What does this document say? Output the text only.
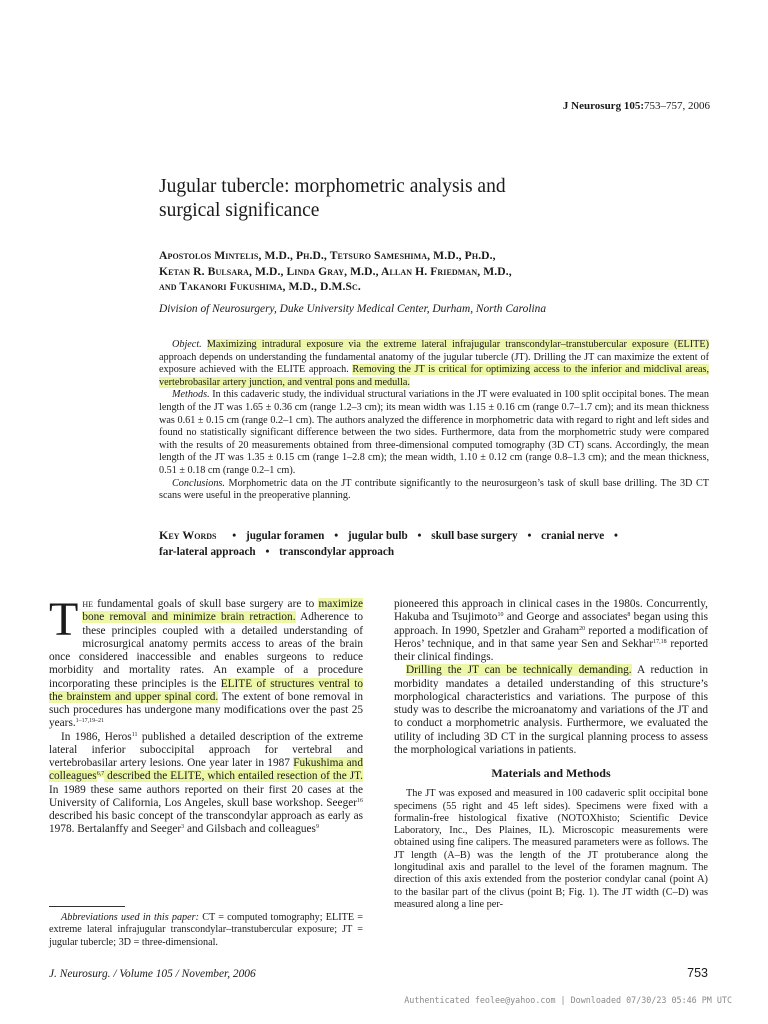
J Neurosurg 105:753–757, 2006
Jugular tubercle: morphometric analysis and
surgical significance
Apostolos Mintelis, M.D., Ph.D., Tetsuro Sameshima, M.D., Ph.D.,
Ketan R. Bulsara, M.D., Linda Gray, M.D., Allan H. Friedman, M.D.,
and Takanori Fukushima, M.D., D.M.Sc.
Division of Neurosurgery, Duke University Medical Center, Durham, North Carolina

Object. Maximizing intradural exposure via the extreme lateral infrajugular transcondylar–transtubercular exposure (ELITE) approach depends on understanding the fundamental anatomy of the jugular tubercle (JT). Drilling the JT can maximize the extent of exposure achieved with the ELITE approach. Removing the JT is critical for optimizing access to the inferior and midclival areas, vertebrobasilar artery junction, and ventral pons and medulla.

Methods. In this cadaveric study, the individual structural variations in the JT were evaluated in 100 split occipital bones. The mean length of the JT was 1.65 ± 0.36 cm (range 1.2–3 cm); its mean width was 1.15 ± 0.16 cm (range 0.7–1.7 cm); and its mean thickness was 0.61 ± 0.15 cm (range 0.2–1 cm). The authors analyzed the difference in morphometric data with regard to right and left sides and found no statistically significant difference between the two sides. Furthermore, data from the morphometric study were compared with the results of 20 measurements obtained from three-dimensional computed tomography (3D CT) scans. Accordingly, the mean length of the JT was 1.35 ± 0.15 cm (range 1–2.8 cm); the mean width, 1.10 ± 0.12 cm (range 0.8–1.3 cm); and the mean thickness, 0.51 ± 0.18 cm (range 0.2–1 cm).

Conclusions. Morphometric data on the JT contribute significantly to the neurosurgeon’s task of skull base drilling. The 3D CT scans were useful in the preoperative planning.

Key Words • jugular foramen • jugular bulb • skull base surgery • cranial nerve •
far-lateral approach • transcondylar approach

The fundamental goals of skull base surgery are to maximize bone removal and minimize brain retraction. Adherence to these principles coupled with a detailed understanding of microsurgical anatomy permits access to areas of the brain once considered inaccessible and enables surgeons to reduce morbidity and mortality rates. An example of a procedure incorporating these principles is the ELITE of structures ventral to the brainstem and upper spinal cord. The extent of bone removal in such procedures has undergone many modifications over the past 25 years.$^{1-17,19-21}$

In 1986, Heros$^{11}$ published a detailed description of the extreme lateral inferior suboccipital approach for vertebral and vertebrobasilar artery lesions. One year later in 1987 Fukushima and colleagues$^{6,7}$ described the ELITE, which entailed resection of the JT. In 1989 these same authors reported on their first 20 cases at the University of California, Los Angeles, skull base workshop. Seeger$^{16}$ described his basic concept of the transcondylar approach as early as 1978. Bertalanffy and Seeger$^3$ and Gilsbach and colleagues$^9$

pioneered this approach in clinical cases in the 1980s. Concurrently, Hakuba and Tsujimoto$^{10}$ and George and associates$^8$ began using this approach. In 1990, Spetzler and Graham$^{20}$ reported a modification of Heros’ technique, and in that same year Sen and Sekhar$^{17,18}$ reported their clinical findings.

Drilling the JT can be technically demanding. A reduction in morbidity mandates a detailed understanding of this structure’s morphological characteristics and variations. The purpose of this study was to describe the microanatomy and variations of the JT and to conduct a morphometric analysis. Furthermore, we evaluated the utility of including 3D CT in the surgical planning process to assess the morphological variations in patients.

Materials and Methods

The JT was exposed and measured in 100 cadaveric split occipital bone specimens (55 right and 45 left sides). Specimens were fixed with a formalin-free histological fixative (NOTOXhisto; Scientific Device Laboratory, Inc., Des Plaines, IL). Microscopic measurements were obtained using fine calipers. The measured parameters were as follows. The JT length (A–B) was the length of the JT protuberance along the longitudinal axis and parallel to the level of the foramen magnum. The direction of this axis extended from the posterior condylar canal (point A) to the basilar part of the clivus (point B; Fig. 1). The JT width (C–D) was measured along a line per-

Abbreviations used in this paper: CT = computed tomography; ELITE = extreme lateral infrajugular transcondylar–transtubercular exposure; JT = jugular tubercle; 3D = three-dimensional.

J. Neurosurg. / Volume 105 / November, 2006	753
Authenticated feolee@yahoo.com | Downloaded 07/30/23 05:46 PM UTC
